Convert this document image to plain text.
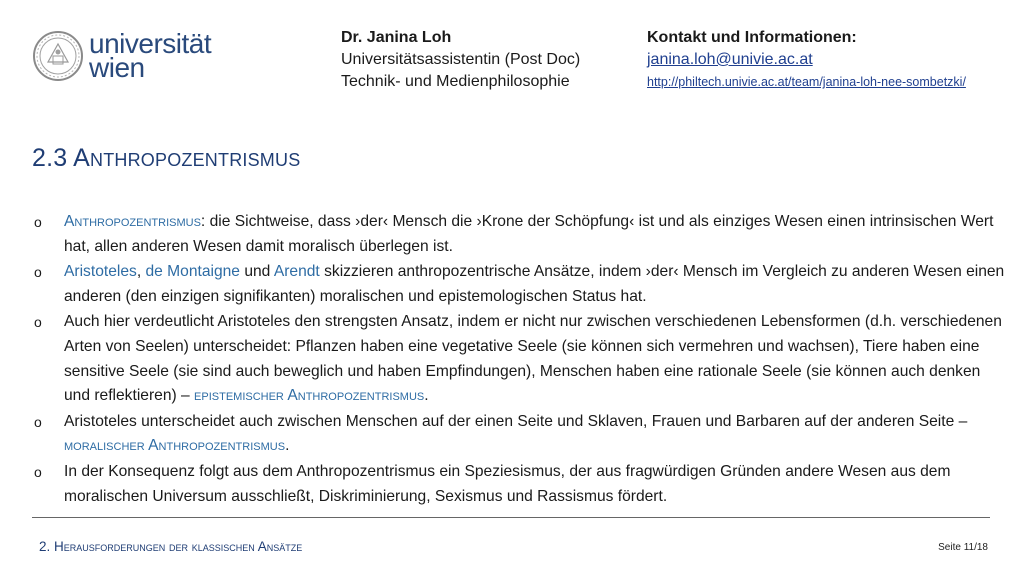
universität
wien
Dr. Janina Loh
Universitätsassistentin (Post Doc)
Technik- und Medienphilosophie
Kontakt und Informationen:
janina.loh@univie.ac.at
http://philtech.univie.ac.at/team/janina-loh-nee-sombetzki/
2.3 Anthropozentrismus
o Anthropozentrismus: die Sichtweise, dass ›der‹ Mensch die ›Krone der Schöpfung‹ ist und als einziges Wesen einen intrinsischen Wert hat, allen anderen Wesen damit moralisch überlegen ist.
o Aristoteles, de Montaigne und Arendt skizzieren anthropozentrische Ansätze, indem ›der‹ Mensch im Vergleich zu anderen Wesen einen anderen (den einzigen signifikanten) moralischen und epistemologischen Status hat.
o Auch hier verdeutlicht Aristoteles den strengsten Ansatz, indem er nicht nur zwischen verschiedenen Lebensformen (d.h. verschiedenen Arten von Seelen) unterscheidet: Pflanzen haben eine vegetative Seele (sie können sich vermehren und wachsen), Tiere haben eine sensitive Seele (sie sind auch beweglich und haben Empfindungen), Menschen haben eine rationale Seele (sie können auch denken und reflektieren) – epistemischer Anthropozentrismus.
o Aristoteles unterscheidet auch zwischen Menschen auf der einen Seite und Sklaven, Frauen und Barbaren auf der anderen Seite – moralischer Anthropozentrismus.
o In der Konsequenz folgt aus dem Anthropozentrismus ein Speziesismus, der aus fragwürdigen Gründen andere Wesen aus dem moralischen Universum ausschließt, Diskriminierung, Sexismus und Rassismus fördert.
2. Herausforderungen der klassischen Ansätze	Seite 11/18
